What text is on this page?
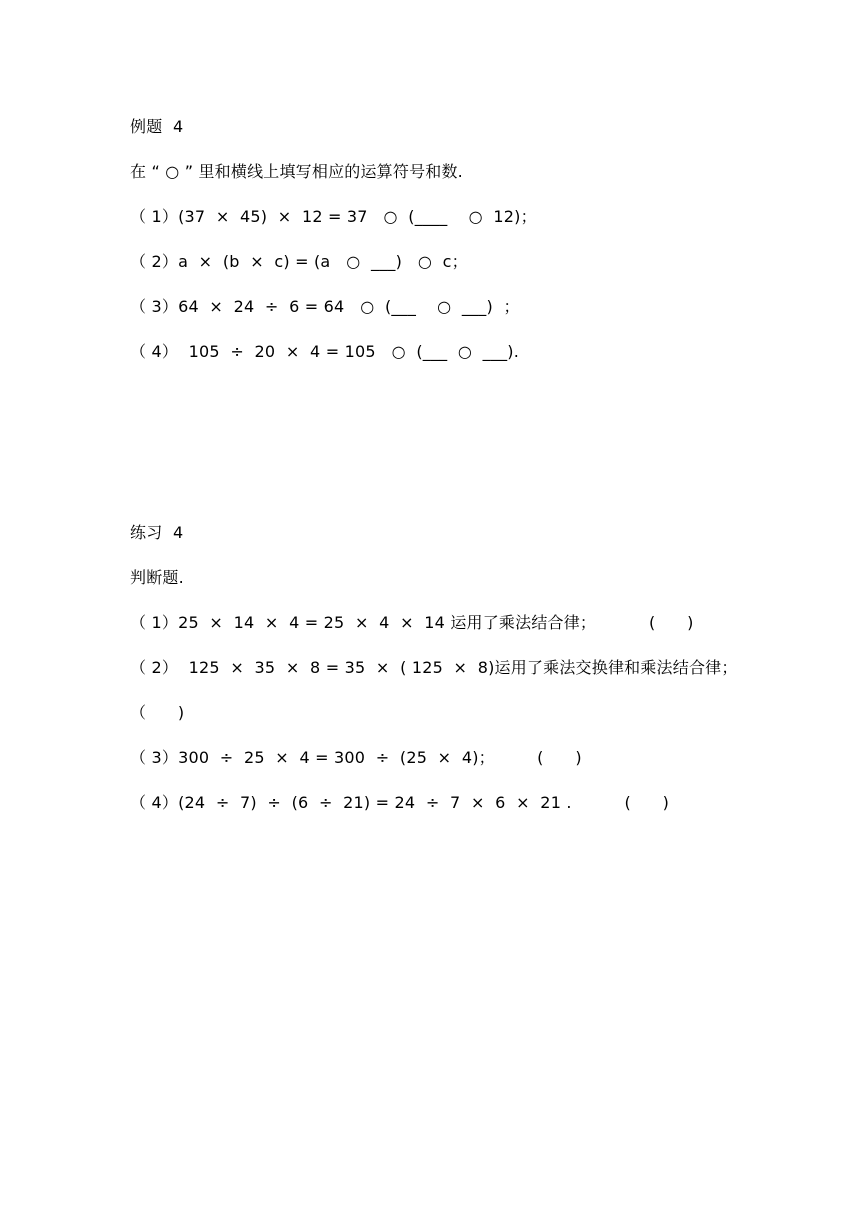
例题  4
在 “ ○ ” 里和横线上填写相应的运算符号和数.
（ 1）(37  ×  45)  ×  12 = 37   ○  (____    ○  12)；
（ 2）a  ×  (b  ×  c) = (a   ○  ___)   ○  c；
（ 3）64  ×  24  ÷  6 = 64   ○  (___    ○  ___)  ；
（ 4）  105  ÷  20  ×  4 = 105   ○  (___  ○  ___).
练习  4
判断题.
（ 1）25  ×  14  ×  4 = 25  ×  4  ×  14 运用了乘法结合律；          (      )
（ 2）  125  ×  35  ×  8 = 35  ×  ( 125  ×  8)运用了乘法交换律和乘法结合律；
（      )
（ 3）300  ÷  25  ×  4 = 300  ÷  (25  ×  4)；        (      )
（ 4）(24  ÷  7)  ÷  (6  ÷  21) = 24  ÷  7  ×  6  ×  21 .          (      )
